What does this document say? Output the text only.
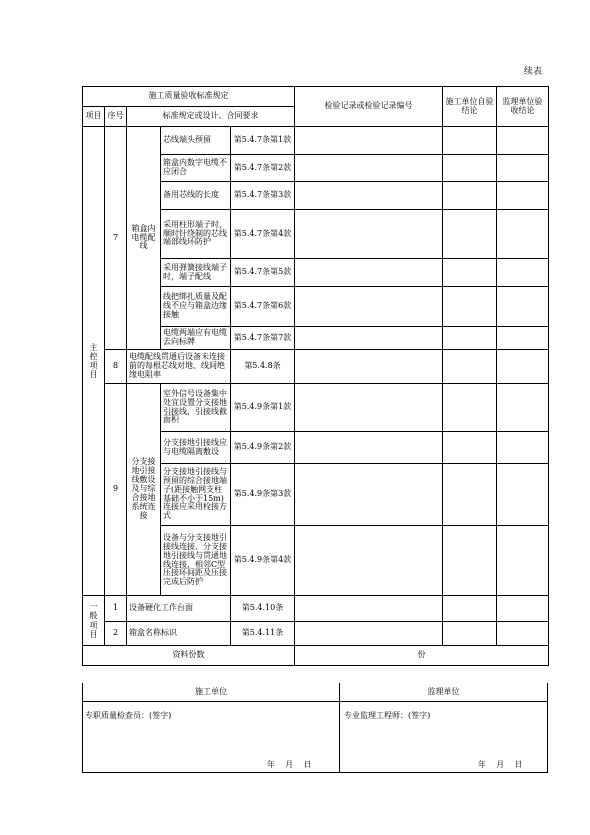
续表
施工质量验收标准规定					检验记录或检验记录编号	施工单位自验结论	监理单位验收结论
项目	序号	标准规定或设计、合同要求					
主控项目	7	箱盒内电缆配线	芯线端头预留	第5.4.7条第1款			
			箱盒内数字电缆不应闭合	第5.4.7条第2款			
			备用芯线的长度	第5.4.7条第3款			
			采用柱形端子时，顺时针绕制的芯线端部线环防护	第5.4.7条第4款			
			采用弹簧接线端子时，端子配线	第5.4.7条第5款			
			线把绑扎质量及配线不应与箱盒边缘接触	第5.4.7条第6款			
			电缆两端应有电缆去向标牌	第5.4.7条第7款			
	8	电缆配线贯通后设备未连接前的每根芯线对地、线间绝缘电阻率		第5.4.8条			
	9	分支接地引接线敷设及与综合接地系统连接	室外信号设备集中处宜设置分支接地引接线，引接线截面积	第5.4.9条第1款			
			分支接地引接线应与电缆隔离敷设	第5.4.9条第2款			
			分支接地引接线与预留的综合接地端子(距接触网支柱基础不小于15m)连接应采用栓接方式	第5.4.9条第3款			
			设备与分支接地引接线连接、分支接地引接线与贯通地线连接，相邻C型压接环间距及压接完成后防护	第5.4.9条第4款			
一般项目	1	设备硬化工作台面		第5.4.10条			
	2	箱盒名称标识		第5.4.11条			
资料份数					份		
施工单位	监理单位
专职质量检查员：(签字)	专业监理工程师：(签字)
年 月 日	年 月 日
